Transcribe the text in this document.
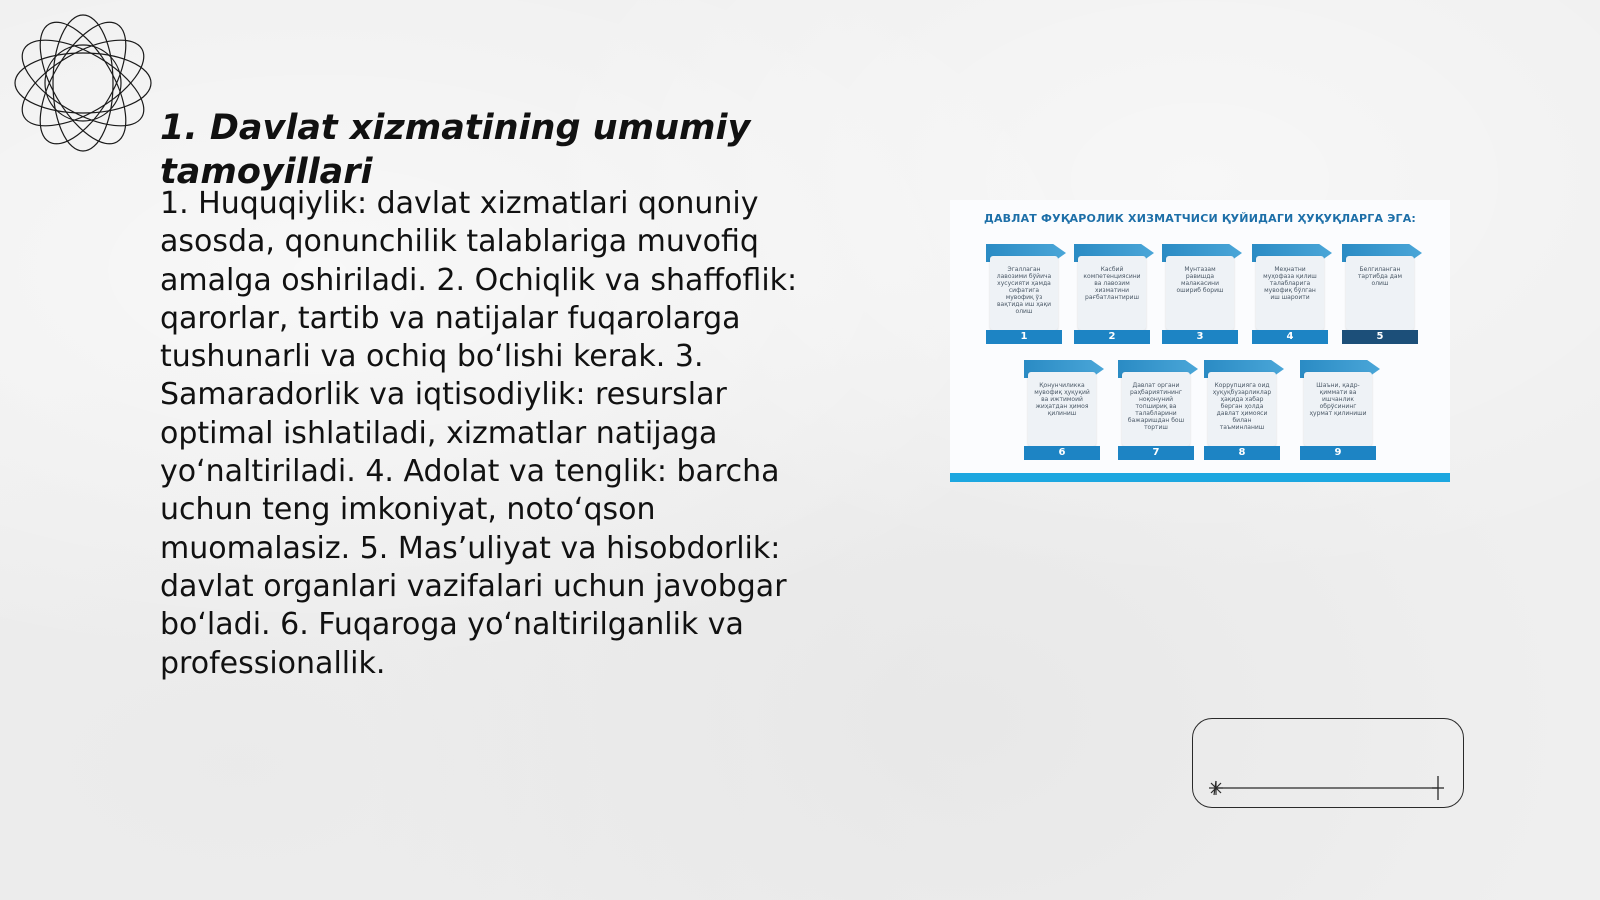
1. Davlat xizmatining umumiy tamoyillari

1. Huquqiylik: davlat xizmatlari qonuniy asosda, qonunchilik talablariga muvofiq amalga oshiriladi. 2. Ochiqlik va shaffoflik: qarorlar, tartib va natijalar fuqarolarga tushunarli va ochiq bo‘lishi kerak. 3. Samaradorlik va iqtisodiylik: resurslar optimal ishlatiladi, xizmatlar natijaga yo‘naltiriladi. 4. Adolat va tenglik: barcha uchun teng imkoniyat, noto‘qson muomalasiz. 5. Mas’uliyat va hisobdorlik: davlat organlari vazifalari uchun javobgar bo‘ladi. 6. Fuqaroga yo‘naltirilganlik va professionallik.

ДАВЛАТ ФУҚАРОЛИК ХИЗМАТЧИСИ ҚУЙИДАГИ ҲУҚУҚЛАРГА ЭГА:
Эгаллаган лавозими бўйича хусусияти ҳамда сифатига мувофиқ ўз вақтида иш ҳақи олиш
1
Касбий компетенциясини ва лавозим хизматини рағбатлантириш
2
Мунтазам равишда малакасини ошириб бориш
3
Меҳнатни муҳофаза қилиш талабларига мувофиқ бўлган иш шароити
4
Белгиланган тартибда дам олиш
5
Қонунчиликка мувофиқ ҳуқуқий ва ижтимоий жиҳатдан ҳимоя қилиниш
6
Давлат органи раҳбариятининг ноқонуний топшириқ ва талабларини бажаришдан бош тортиш
7
Коррупцияга оид ҳуқуқбузарликлар ҳақида хабар берган ҳолда давлат ҳимояси билан таъминланиш
8
Шаъни, қадр-қиммати ва ишчанлик обрўсининг ҳурмат қилиниши
9
